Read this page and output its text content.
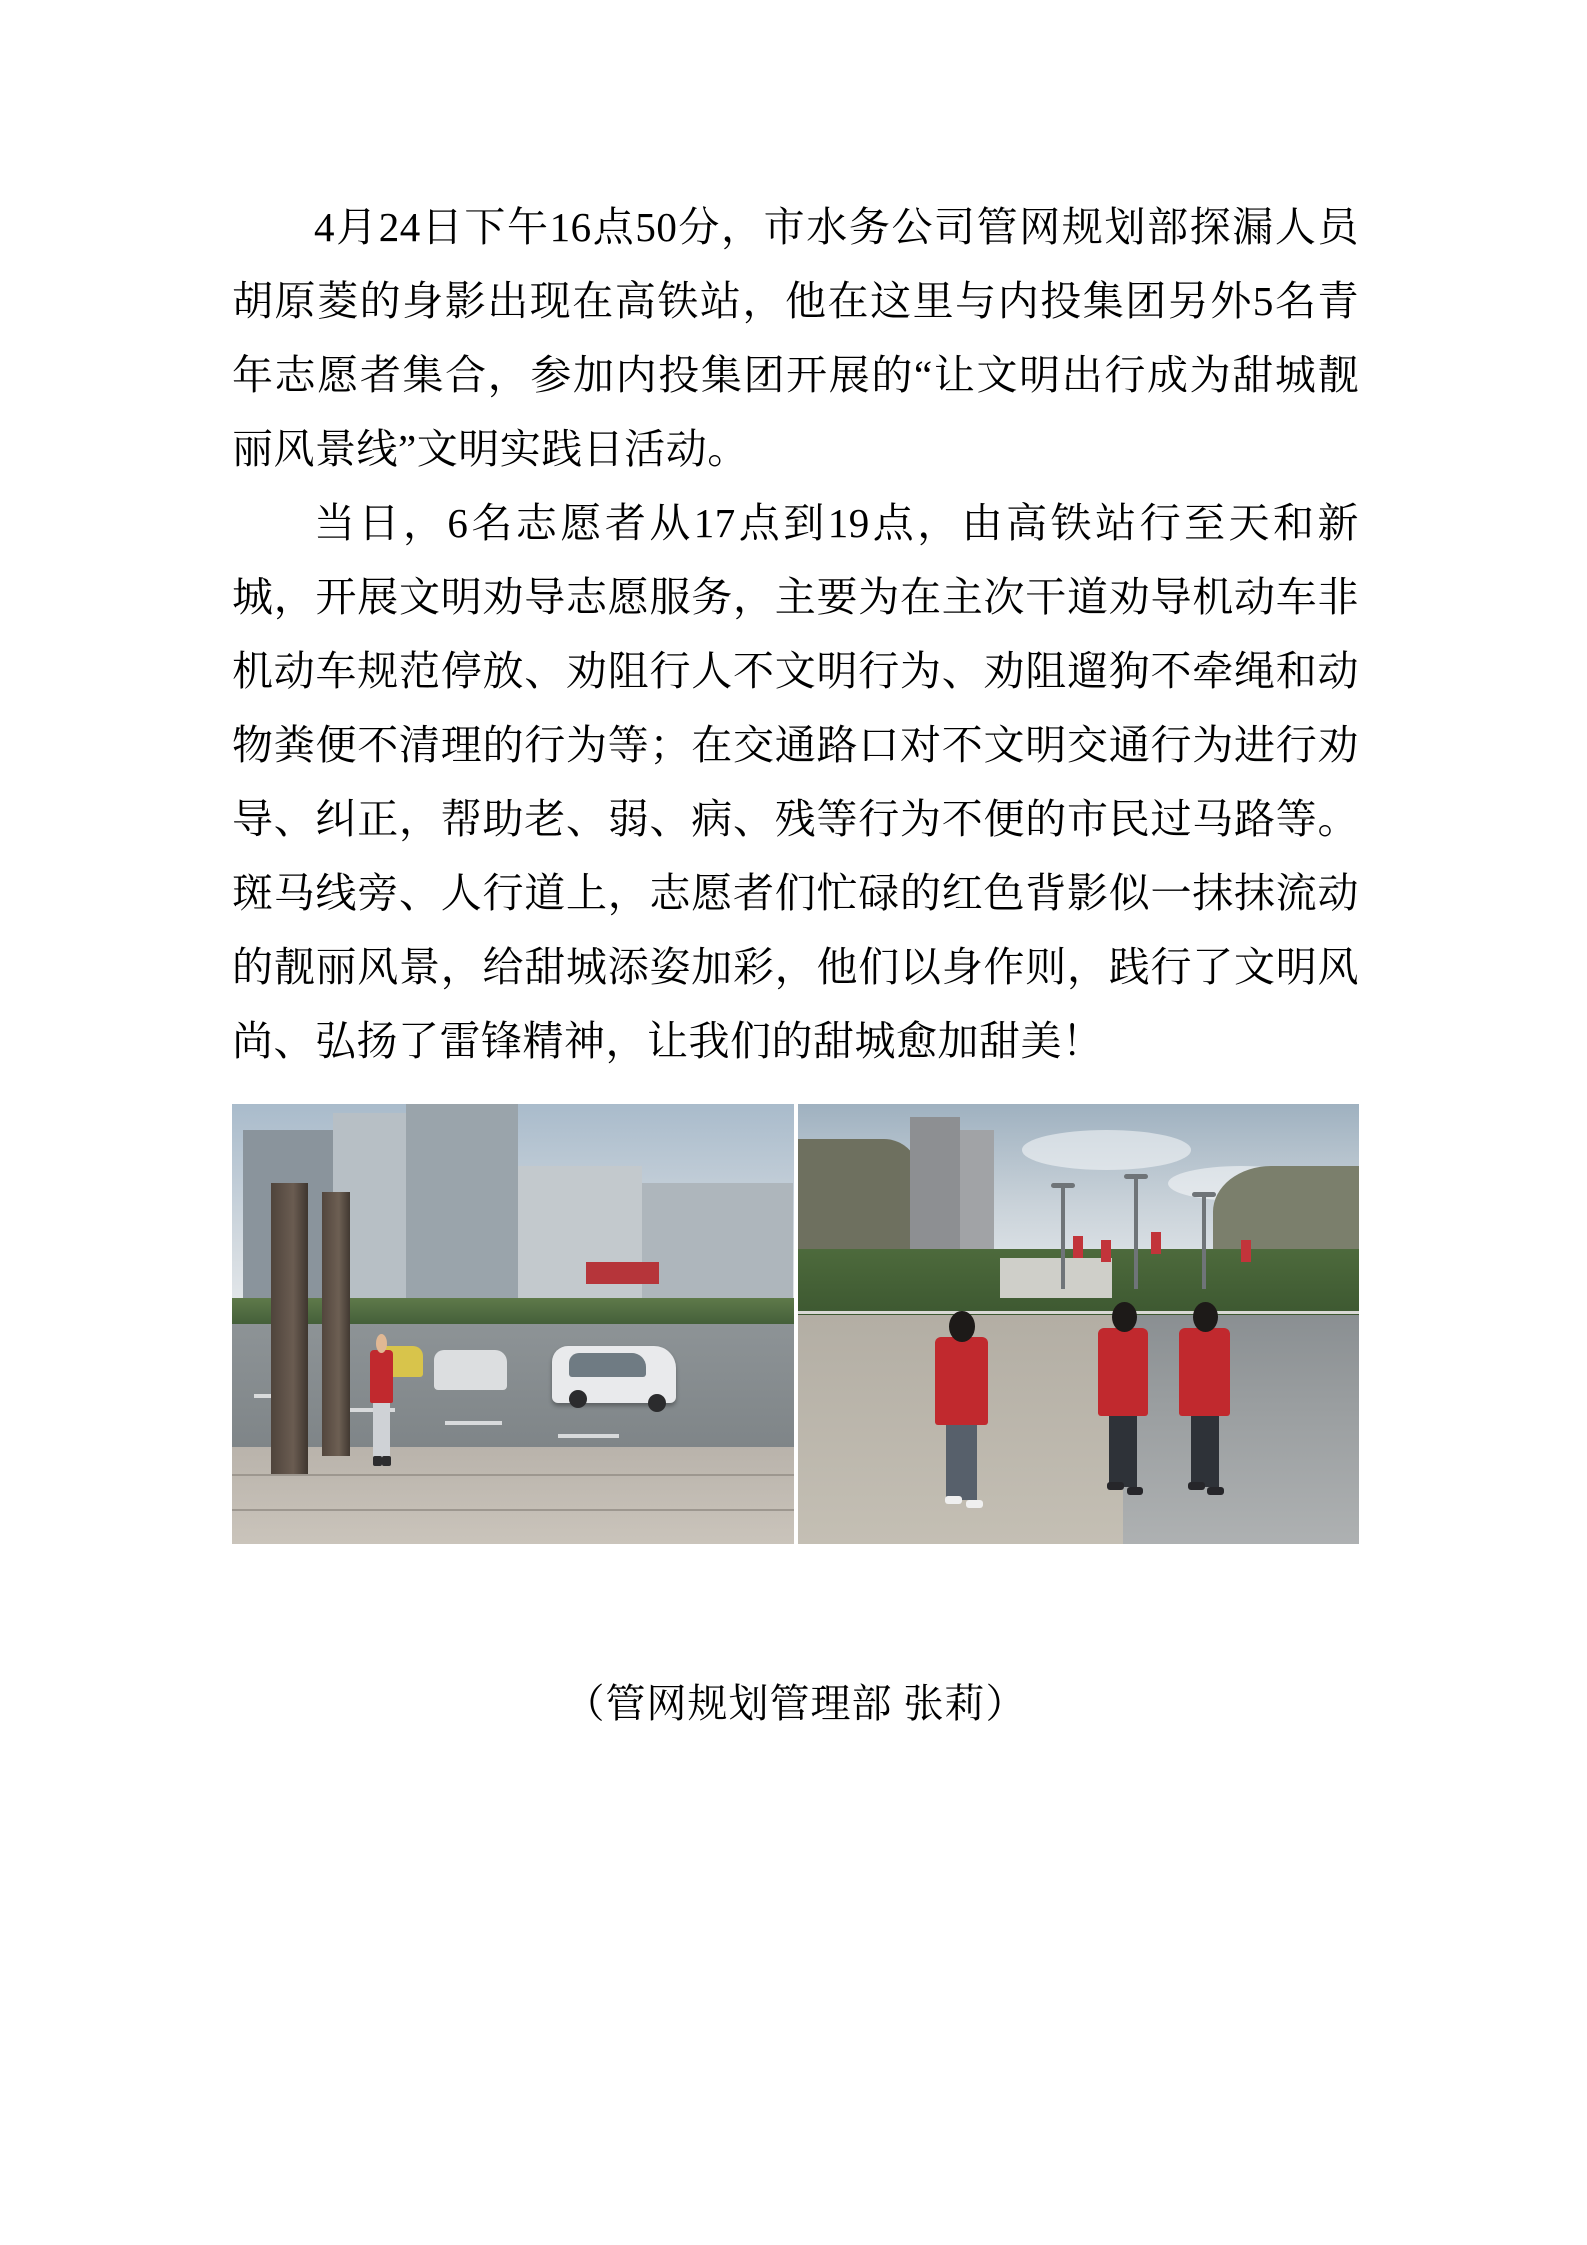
4月24日下午16点50分，市水务公司管网规划部探漏人员胡原菱的身影出现在高铁站，他在这里与内投集团另外5名青年志愿者集合，参加内投集团开展的“让文明出行成为甜城靓丽风景线”文明实践日活动。

当日，6名志愿者从17点到19点，由高铁站行至天和新城，开展文明劝导志愿服务，主要为在主次干道劝导机动车非机动车规范停放、劝阻行人不文明行为、劝阻遛狗不牵绳和动物粪便不清理的行为等；在交通路口对不文明交通行为进行劝导、纠正，帮助老、弱、病、残等行为不便的市民过马路等。斑马线旁、人行道上，志愿者们忙碌的红色背影似一抹抹流动的靓丽风景，给甜城添姿加彩，他们以身作则，践行了文明风尚、弘扬了雷锋精神，让我们的甜城愈加甜美！

（管网规划管理部 张莉）
